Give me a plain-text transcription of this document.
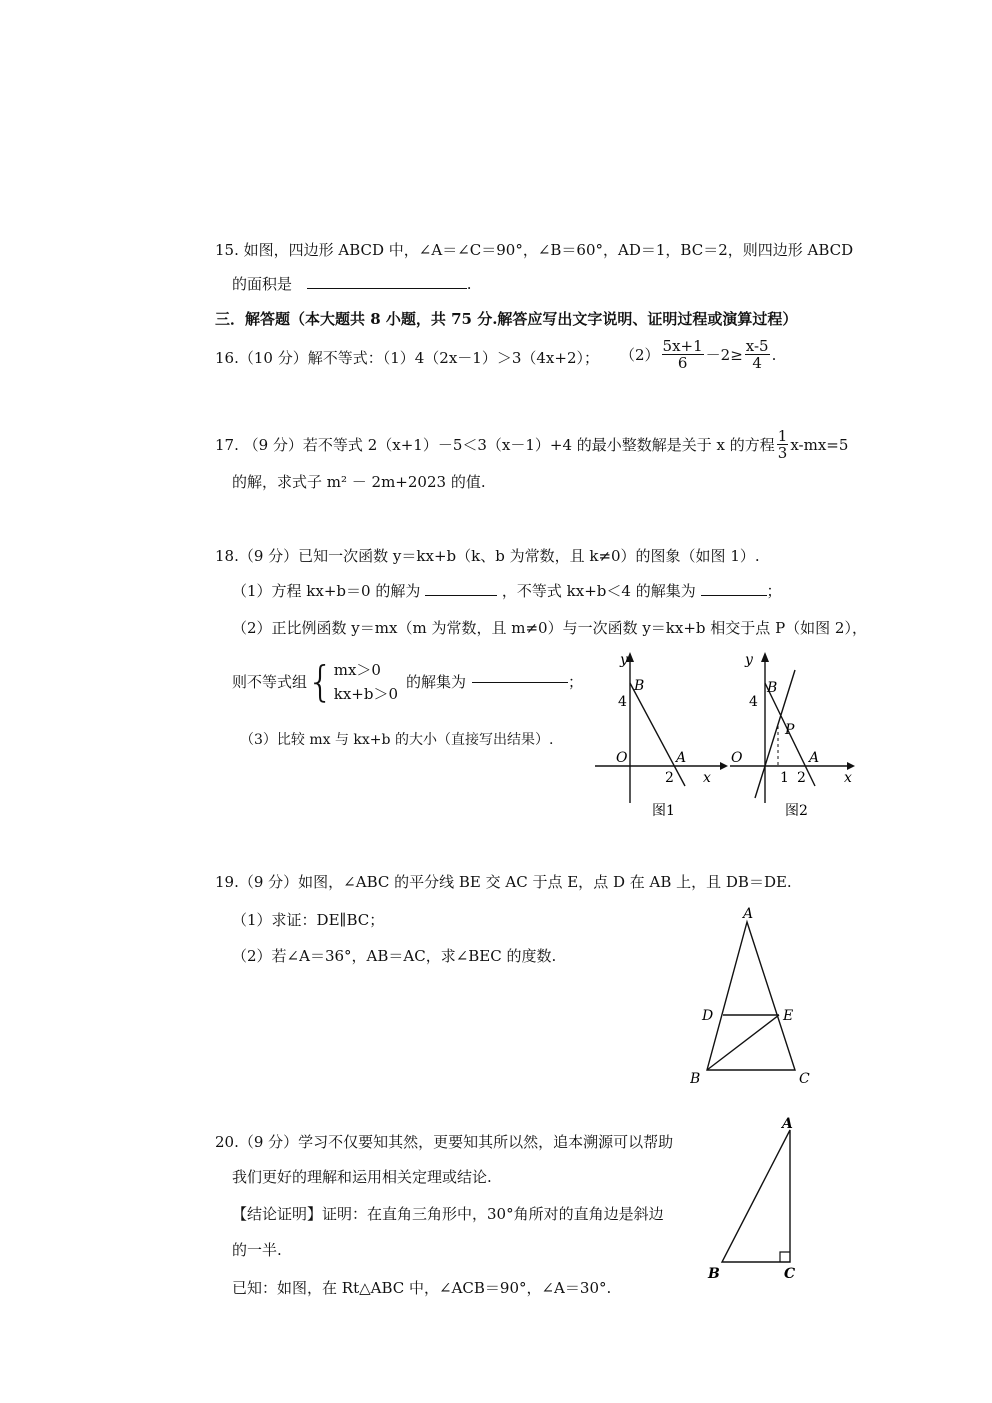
15. 如图，四边形 ABCD 中，∠A＝∠C＝90°，∠B＝60°，AD＝1，BC＝2，则四边形 ABCD
的面积是	.
三．解答题（本大题共 8 小题，共 75 分.解答应写出文字说明、证明过程或演算过程）
16.（10 分）解不等式：（1）4（2x－1）＞3（4x+2）； $(2) \frac{5x+1}{6} -2\ge \frac{x-5}{4}$ .
17. （9 分）若不等式 2（x+1）－5＜3（x－1）+4 的最小整数解是关于 x 的方程 $\frac{1}{3} x-mx=5$
的解，求式子 m² － 2m+2023 的值.
18.（9 分）已知一次函数 y＝kx+b（k、b 为常数，且 k≠0）的图象（如图 1）.
（1）方程 kx+b＝0 的解为	，不等式 kx+b＜4 的解集为	；
（2）正比例函数 y＝mx（m 为常数，且 m≠0）与一次函数 y＝kx+b 相交于点 P（如图 2），
则不等式组 { mx＞0
kx+b＞0
的解集为	；
（3）比较 mx 与 kx+b 的大小（直接写出结果）.
y
B
4
O	A
2 x
图1
y
B
4
P
O	A
1 2	x
图2
19.（9 分）如图，∠ABC 的平分线 BE 交 AC 于点 E，点 D 在 AB 上，且 DB＝DE.
（1）求证：DE∥BC；
（2）若∠A＝36°，AB＝AC，求∠BEC 的度数.
A
D	E
B	C
20.（9 分）学习不仅要知其然，更要知其所以然，追本溯源可以帮助
我们更好的理解和运用相关定理或结论.
【结论证明】证明：在直角三角形中，30°角所对的直角边是斜边
的一半.
已知：如图，在 Rt△ABC 中，∠ACB＝90°，∠A＝30°.
A
B	C
